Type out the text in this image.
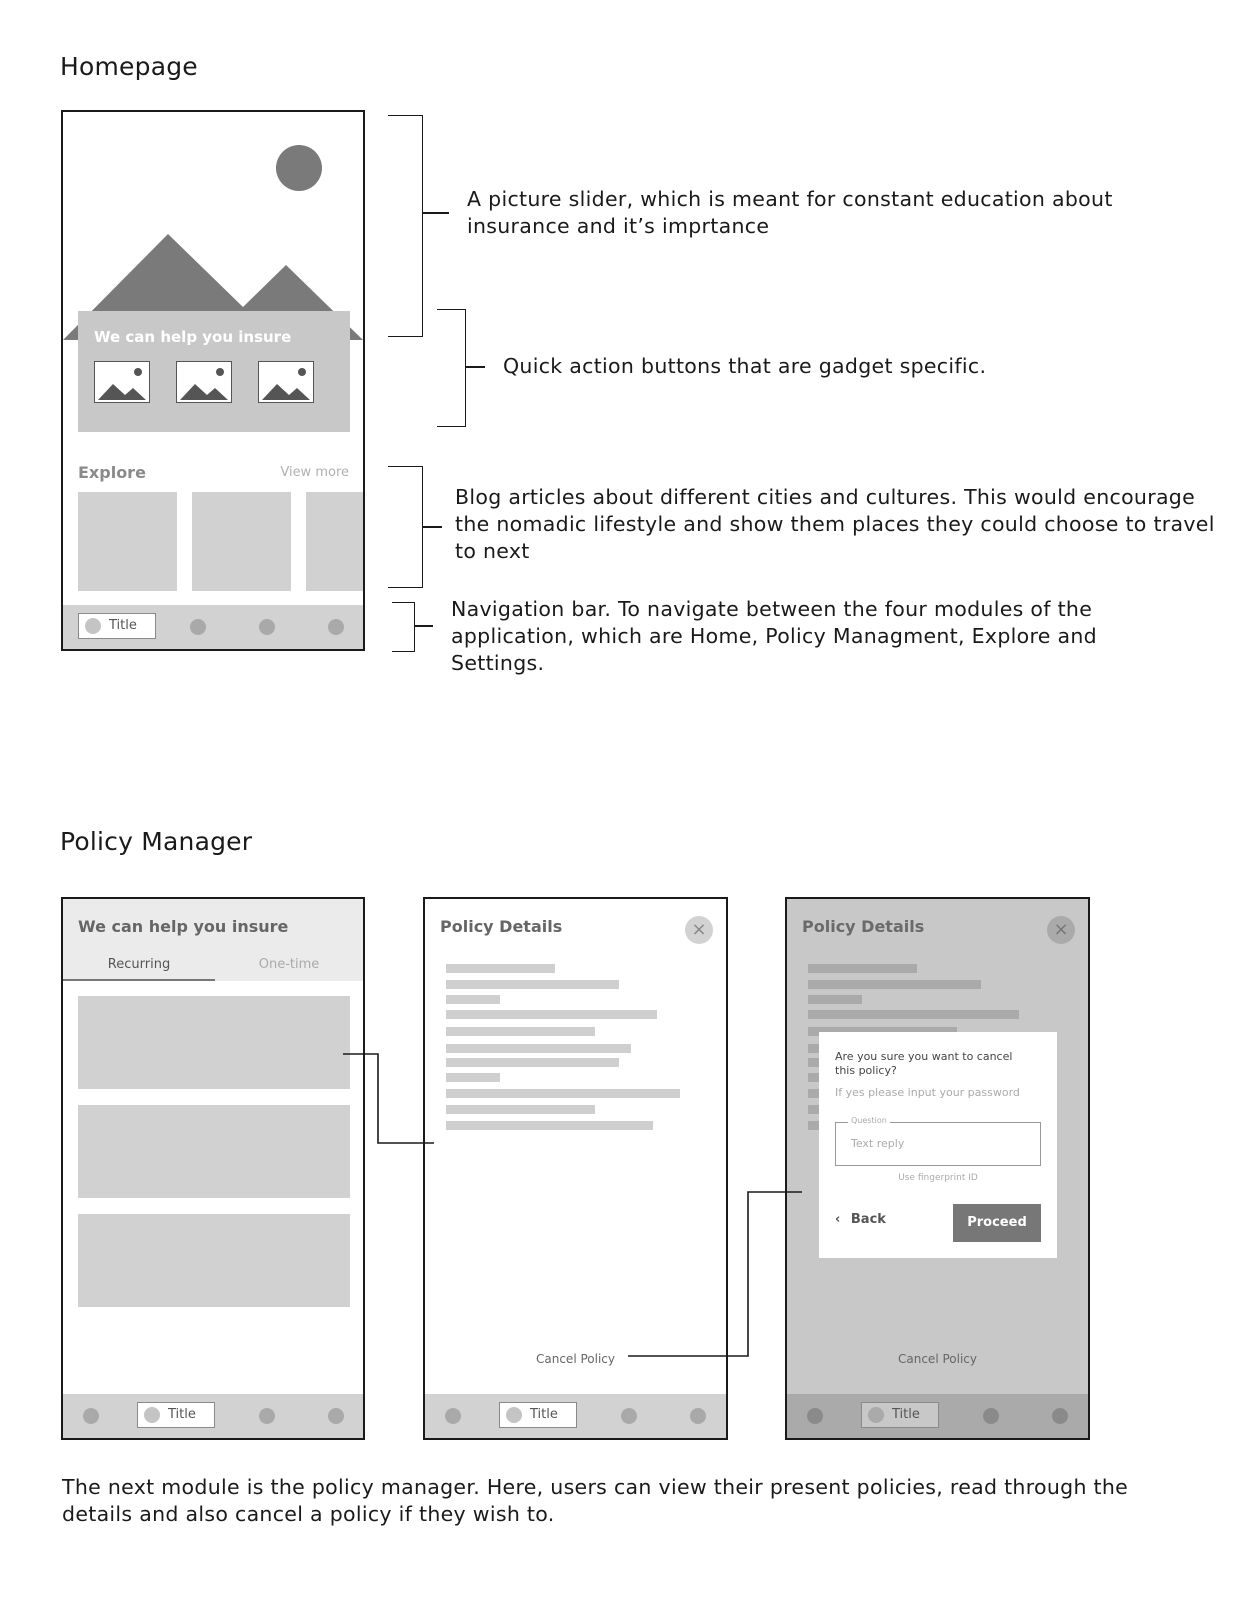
Homepage
We can help you insure
Explore	View more
Title
A picture slider, which is meant for constant education about insurance and it’s imprtance
Quick action buttons that are gadget specific.
Blog articles about different cities and cultures. This would encourage the nomadic lifestyle and show them places they could choose to travel to next
Navigation bar. To navigate between the four modules of the application, which are Home, Policy Managment, Explore and Settings.
Policy Manager
We can help you insure
Recurring	One-time
Title
Policy Details	×
Cancel Policy
Title
Policy Details	×
Are you sure you want to cancel this policy?
If yes please input your password
Question
Text reply
Use fingerprint ID
‹ Back	Proceed
Cancel Policy
Title
The next module is the policy manager. Here, users can view their present policies, read through the details and also cancel a policy if they wish to.
